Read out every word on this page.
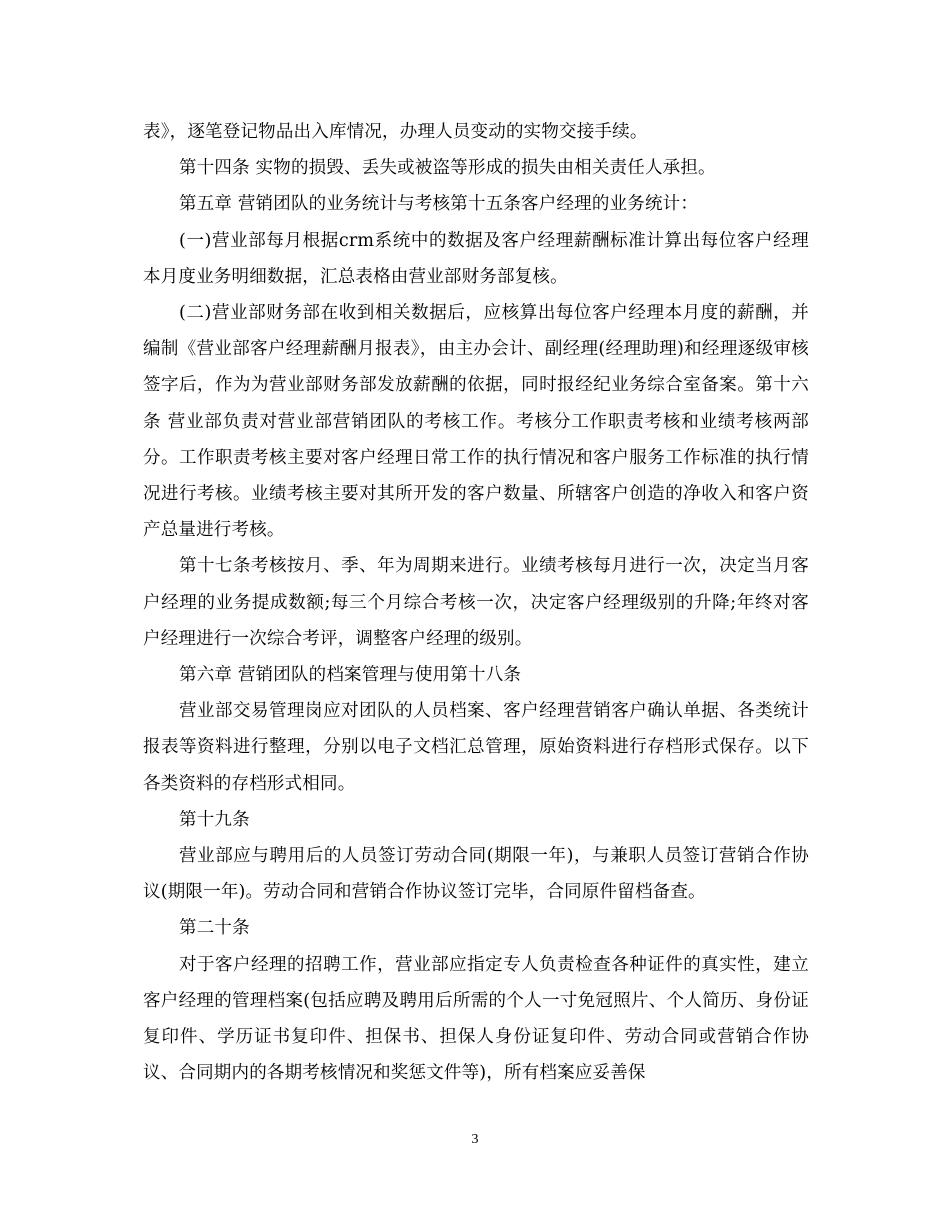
表》，逐笔登记物品出入库情况，办理人员变动的实物交接手续。

第十四条 实物的损毁、丢失或被盗等形成的损失由相关责任人承担。

第五章 营销团队的业务统计与考核第十五条客户经理的业务统计：

(一)营业部每月根据crm系统中的数据及客户经理薪酬标准计算出每位客户经理本月度业务明细数据，汇总表格由营业部财务部复核。

(二)营业部财务部在收到相关数据后，应核算出每位客户经理本月度的薪酬，并编制《营业部客户经理薪酬月报表》，由主办会计、副经理(经理助理)和经理逐级审核签字后，作为为营业部财务部发放薪酬的依据，同时报经纪业务综合室备案。第十六条 营业部负责对营业部营销团队的考核工作。考核分工作职责考核和业绩考核两部分。工作职责考核主要对客户经理日常工作的执行情况和客户服务工作标准的执行情况进行考核。业绩考核主要对其所开发的客户数量、所辖客户创造的净收入和客户资产总量进行考核。

第十七条考核按月、季、年为周期来进行。业绩考核每月进行一次，决定当月客户经理的业务提成数额;每三个月综合考核一次，决定客户经理级别的升降;年终对客户经理进行一次综合考评，调整客户经理的级别。

第六章 营销团队的档案管理与使用第十八条

营业部交易管理岗应对团队的人员档案、客户经理营销客户确认单据、各类统计报表等资料进行整理，分别以电子文档汇总管理，原始资料进行存档形式保存。以下各类资料的存档形式相同。

第十九条

营业部应与聘用后的人员签订劳动合同(期限一年)，与兼职人员签订营销合作协议(期限一年)。劳动合同和营销合作协议签订完毕，合同原件留档备查。

第二十条

对于客户经理的招聘工作，营业部应指定专人负责检查各种证件的真实性，建立客户经理的管理档案(包括应聘及聘用后所需的个人一寸免冠照片、个人简历、身份证复印件、学历证书复印件、担保书、担保人身份证复印件、劳动合同或营销合作协议、合同期内的各期考核情况和奖惩文件等)，所有档案应妥善保

3
